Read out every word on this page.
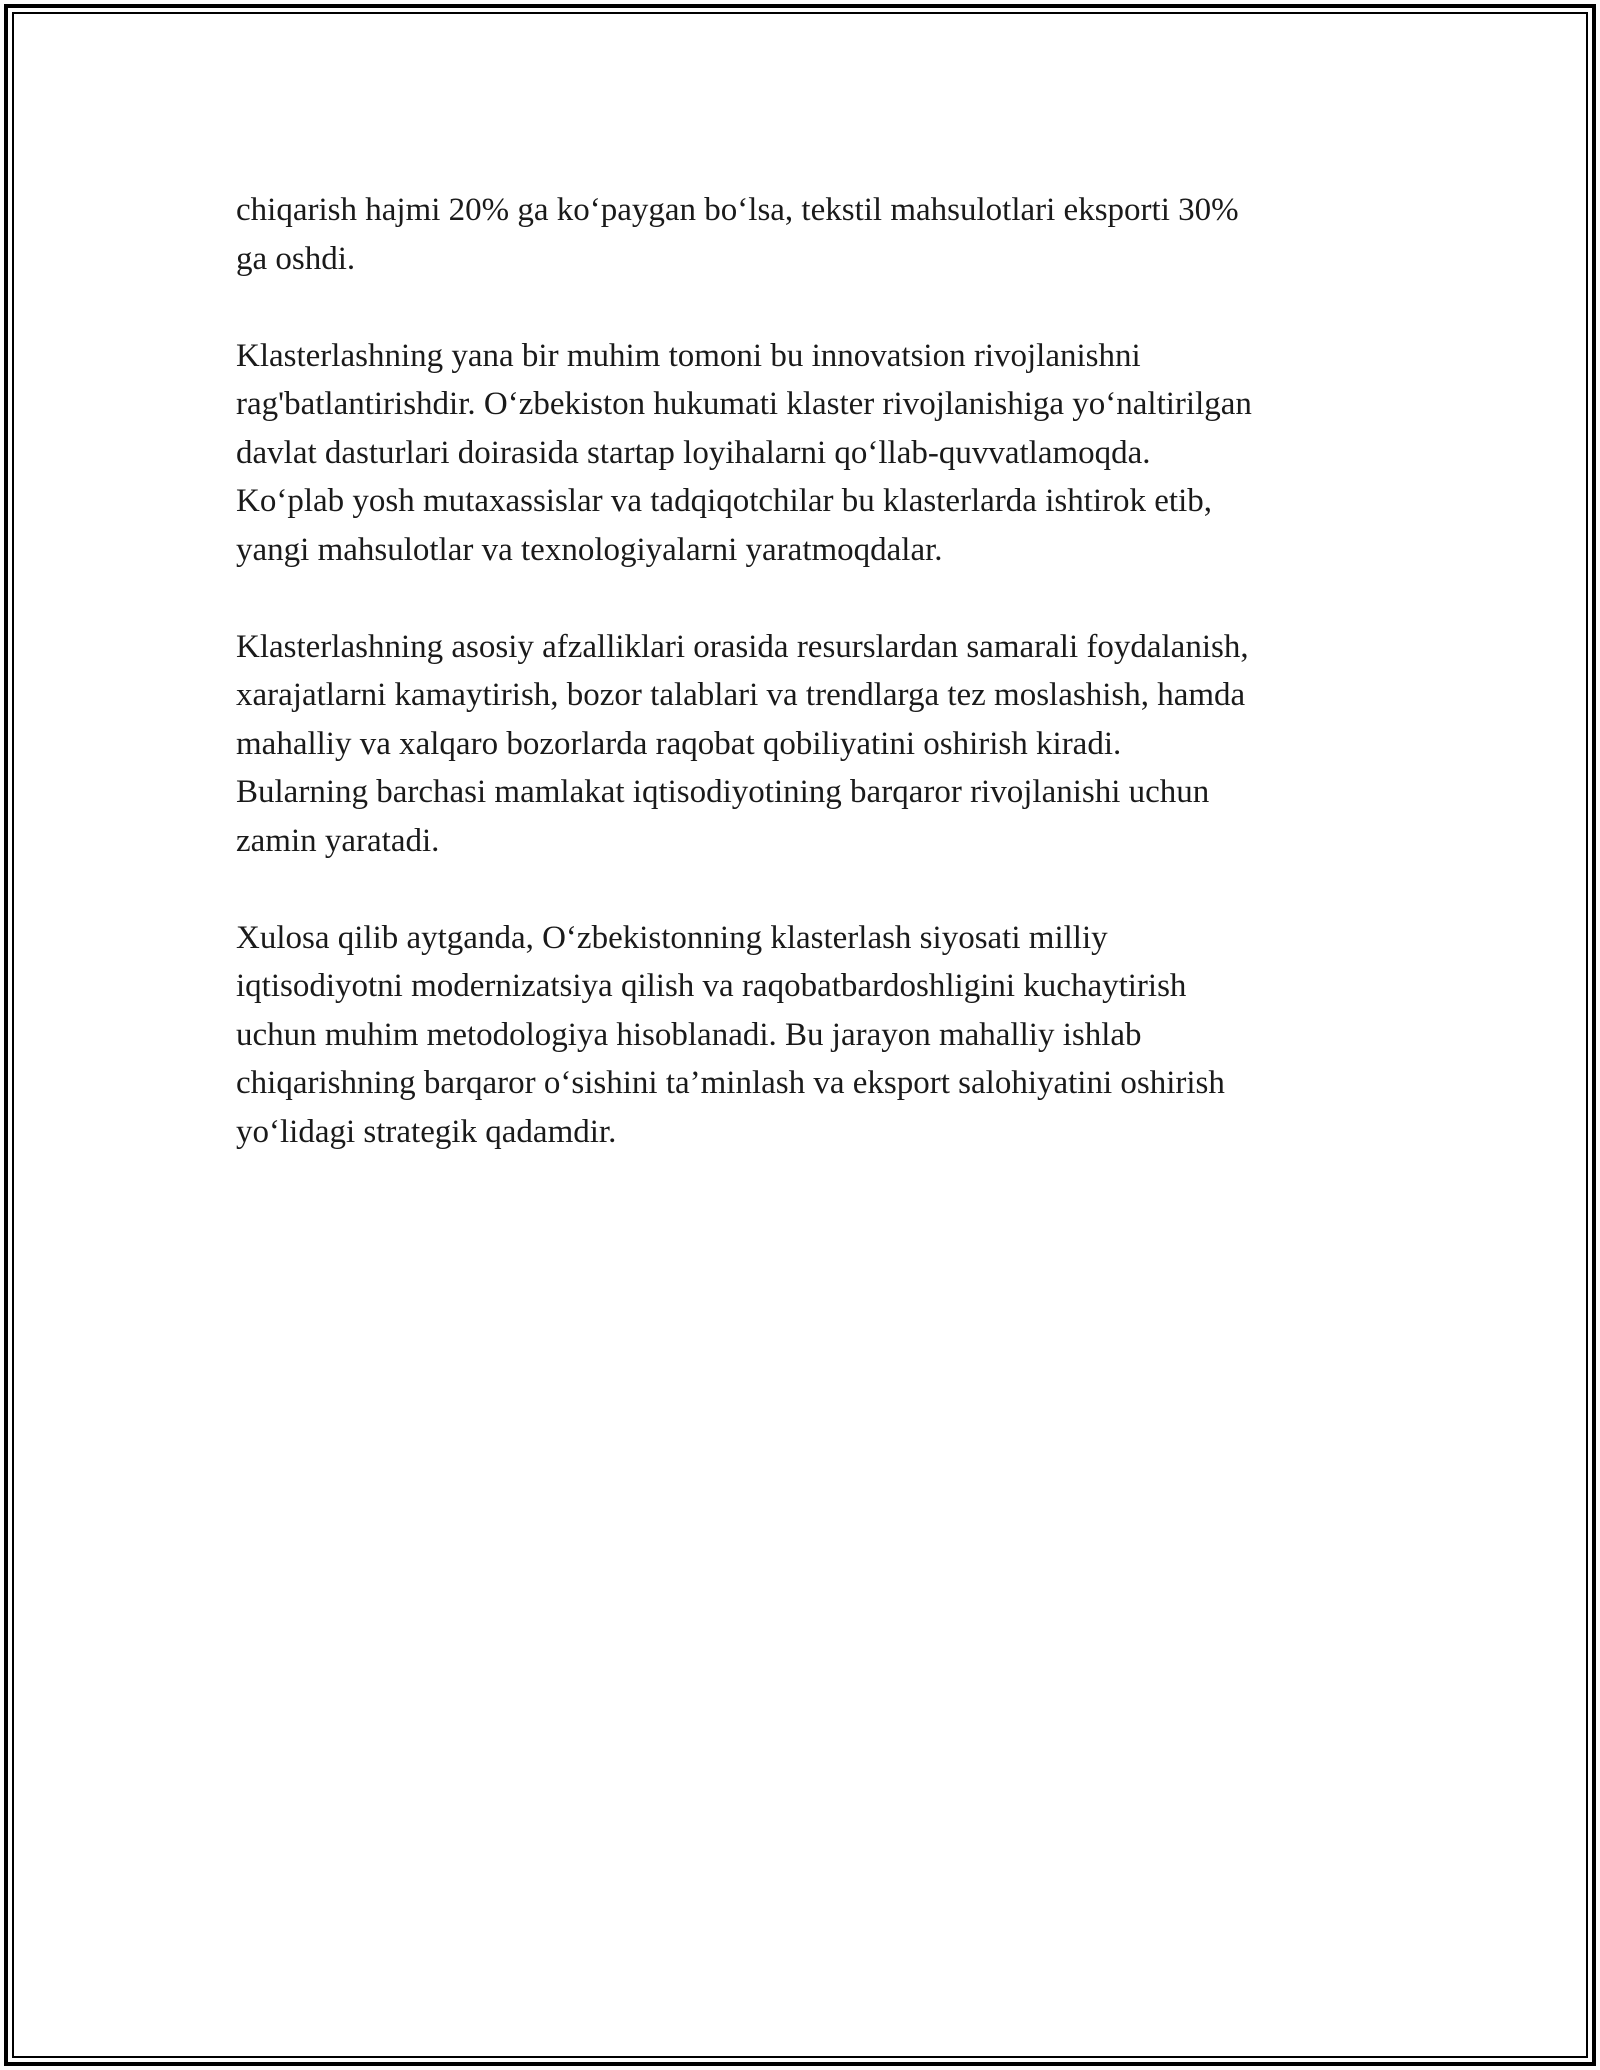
chiqarish hajmi 20% ga ko‘paygan bo‘lsa, tekstil mahsulotlari eksporti 30%
ga oshdi.

Klasterlashning yana bir muhim tomoni bu innovatsion rivojlanishni
rag'batlantirishdir. O‘zbekiston hukumati klaster rivojlanishiga yo‘naltirilgan
davlat dasturlari doirasida startap loyihalarni qo‘llab-quvvatlamoqda.
Ko‘plab yosh mutaxassislar va tadqiqotchilar bu klasterlarda ishtirok etib,
yangi mahsulotlar va texnologiyalarni yaratmoqdalar.

Klasterlashning asosiy afzalliklari orasida resurslardan samarali foydalanish,
xarajatlarni kamaytirish, bozor talablari va trendlarga tez moslashish, hamda
mahalliy va xalqaro bozorlarda raqobat qobiliyatini oshirish kiradi.
Bularning barchasi mamlakat iqtisodiyotining barqaror rivojlanishi uchun
zamin yaratadi.

Xulosa qilib aytganda, O‘zbekistonning klasterlash siyosati milliy
iqtisodiyotni modernizatsiya qilish va raqobatbardoshligini kuchaytirish
uchun muhim metodologiya hisoblanadi. Bu jarayon mahalliy ishlab
chiqarishning barqaror o‘sishini ta’minlash va eksport salohiyatini oshirish
yo‘lidagi strategik qadamdir.
